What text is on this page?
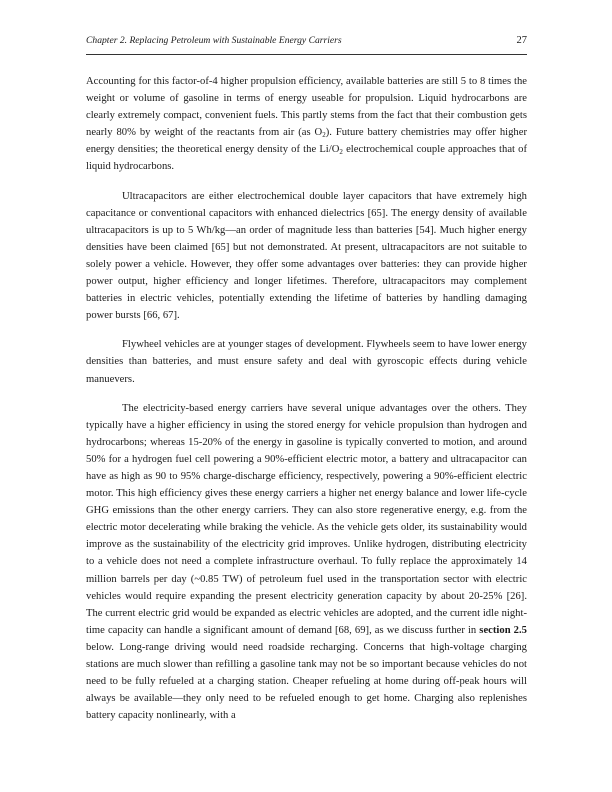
Chapter 2. Replacing Petroleum with Sustainable Energy Carriers	27

Accounting for this factor-of-4 higher propulsion efficiency, available batteries are still 5 to 8 times the weight or volume of gasoline in terms of energy useable for propulsion. Liquid hydrocarbons are clearly extremely compact, convenient fuels. This partly stems from the fact that their combustion gets nearly 80% by weight of the reactants from air (as $O_2$). Future battery chemistries may offer higher energy densities; the theoretical energy density of the $Li/O_2$ electrochemical couple approaches that of liquid hydrocarbons.

Ultracapacitors are either electrochemical double layer capacitors that have extremely high capacitance or conventional capacitors with enhanced dielectrics [65]. The energy density of available ultracapacitors is up to 5 Wh/kg—an order of magnitude less than batteries [54]. Much higher energy densities have been claimed [65] but not demonstrated. At present, ultracapacitors are not suitable to solely power a vehicle. However, they offer some advantages over batteries: they can provide higher power output, higher efficiency and longer lifetimes. Therefore, ultracapacitors may complement batteries in electric vehicles, potentially extending the lifetime of batteries by handling damaging power bursts [66, 67].

Flywheel vehicles are at younger stages of development. Flywheels seem to have lower energy densities than batteries, and must ensure safety and deal with gyroscopic effects during vehicle manuevers.

The electricity-based energy carriers have several unique advantages over the others. They typically have a higher efficiency in using the stored energy for vehicle propulsion than hydrogen and hydrocarbons; whereas 15-20% of the energy in gasoline is typically converted to motion, and around 50% for a hydrogen fuel cell powering a 90%-efficient electric motor, a battery and ultracapacitor can have as high as 90 to 95% charge-discharge efficiency, respectively, powering a 90%-efficient electric motor. This high efficiency gives these energy carriers a higher net energy balance and lower life-cycle GHG emissions than the other energy carriers. They can also store regenerative energy, e.g. from the electric motor decelerating while braking the vehicle. As the vehicle gets older, its sustainability would improve as the sustainability of the electricity grid improves. Unlike hydrogen, distributing electricity to a vehicle does not need a complete infrastructure overhaul. To fully replace the approximately 14 million barrels per day (~0.85 TW) of petroleum fuel used in the transportation sector with electric vehicles would require expanding the present electricity generation capacity by about 20-25% [26]. The current electric grid would be expanded as electric vehicles are adopted, and the current idle night-time capacity can handle a significant amount of demand [68, 69], as we discuss further in section 2.5 below. Long-range driving would need roadside recharging. Concerns that high-voltage charging stations are much slower than refilling a gasoline tank may not be so important because vehicles do not need to be fully refueled at a charging station. Cheaper refueling at home during off-peak hours will always be available—they only need to be refueled enough to get home. Charging also replenishes battery capacity nonlinearly, with a
